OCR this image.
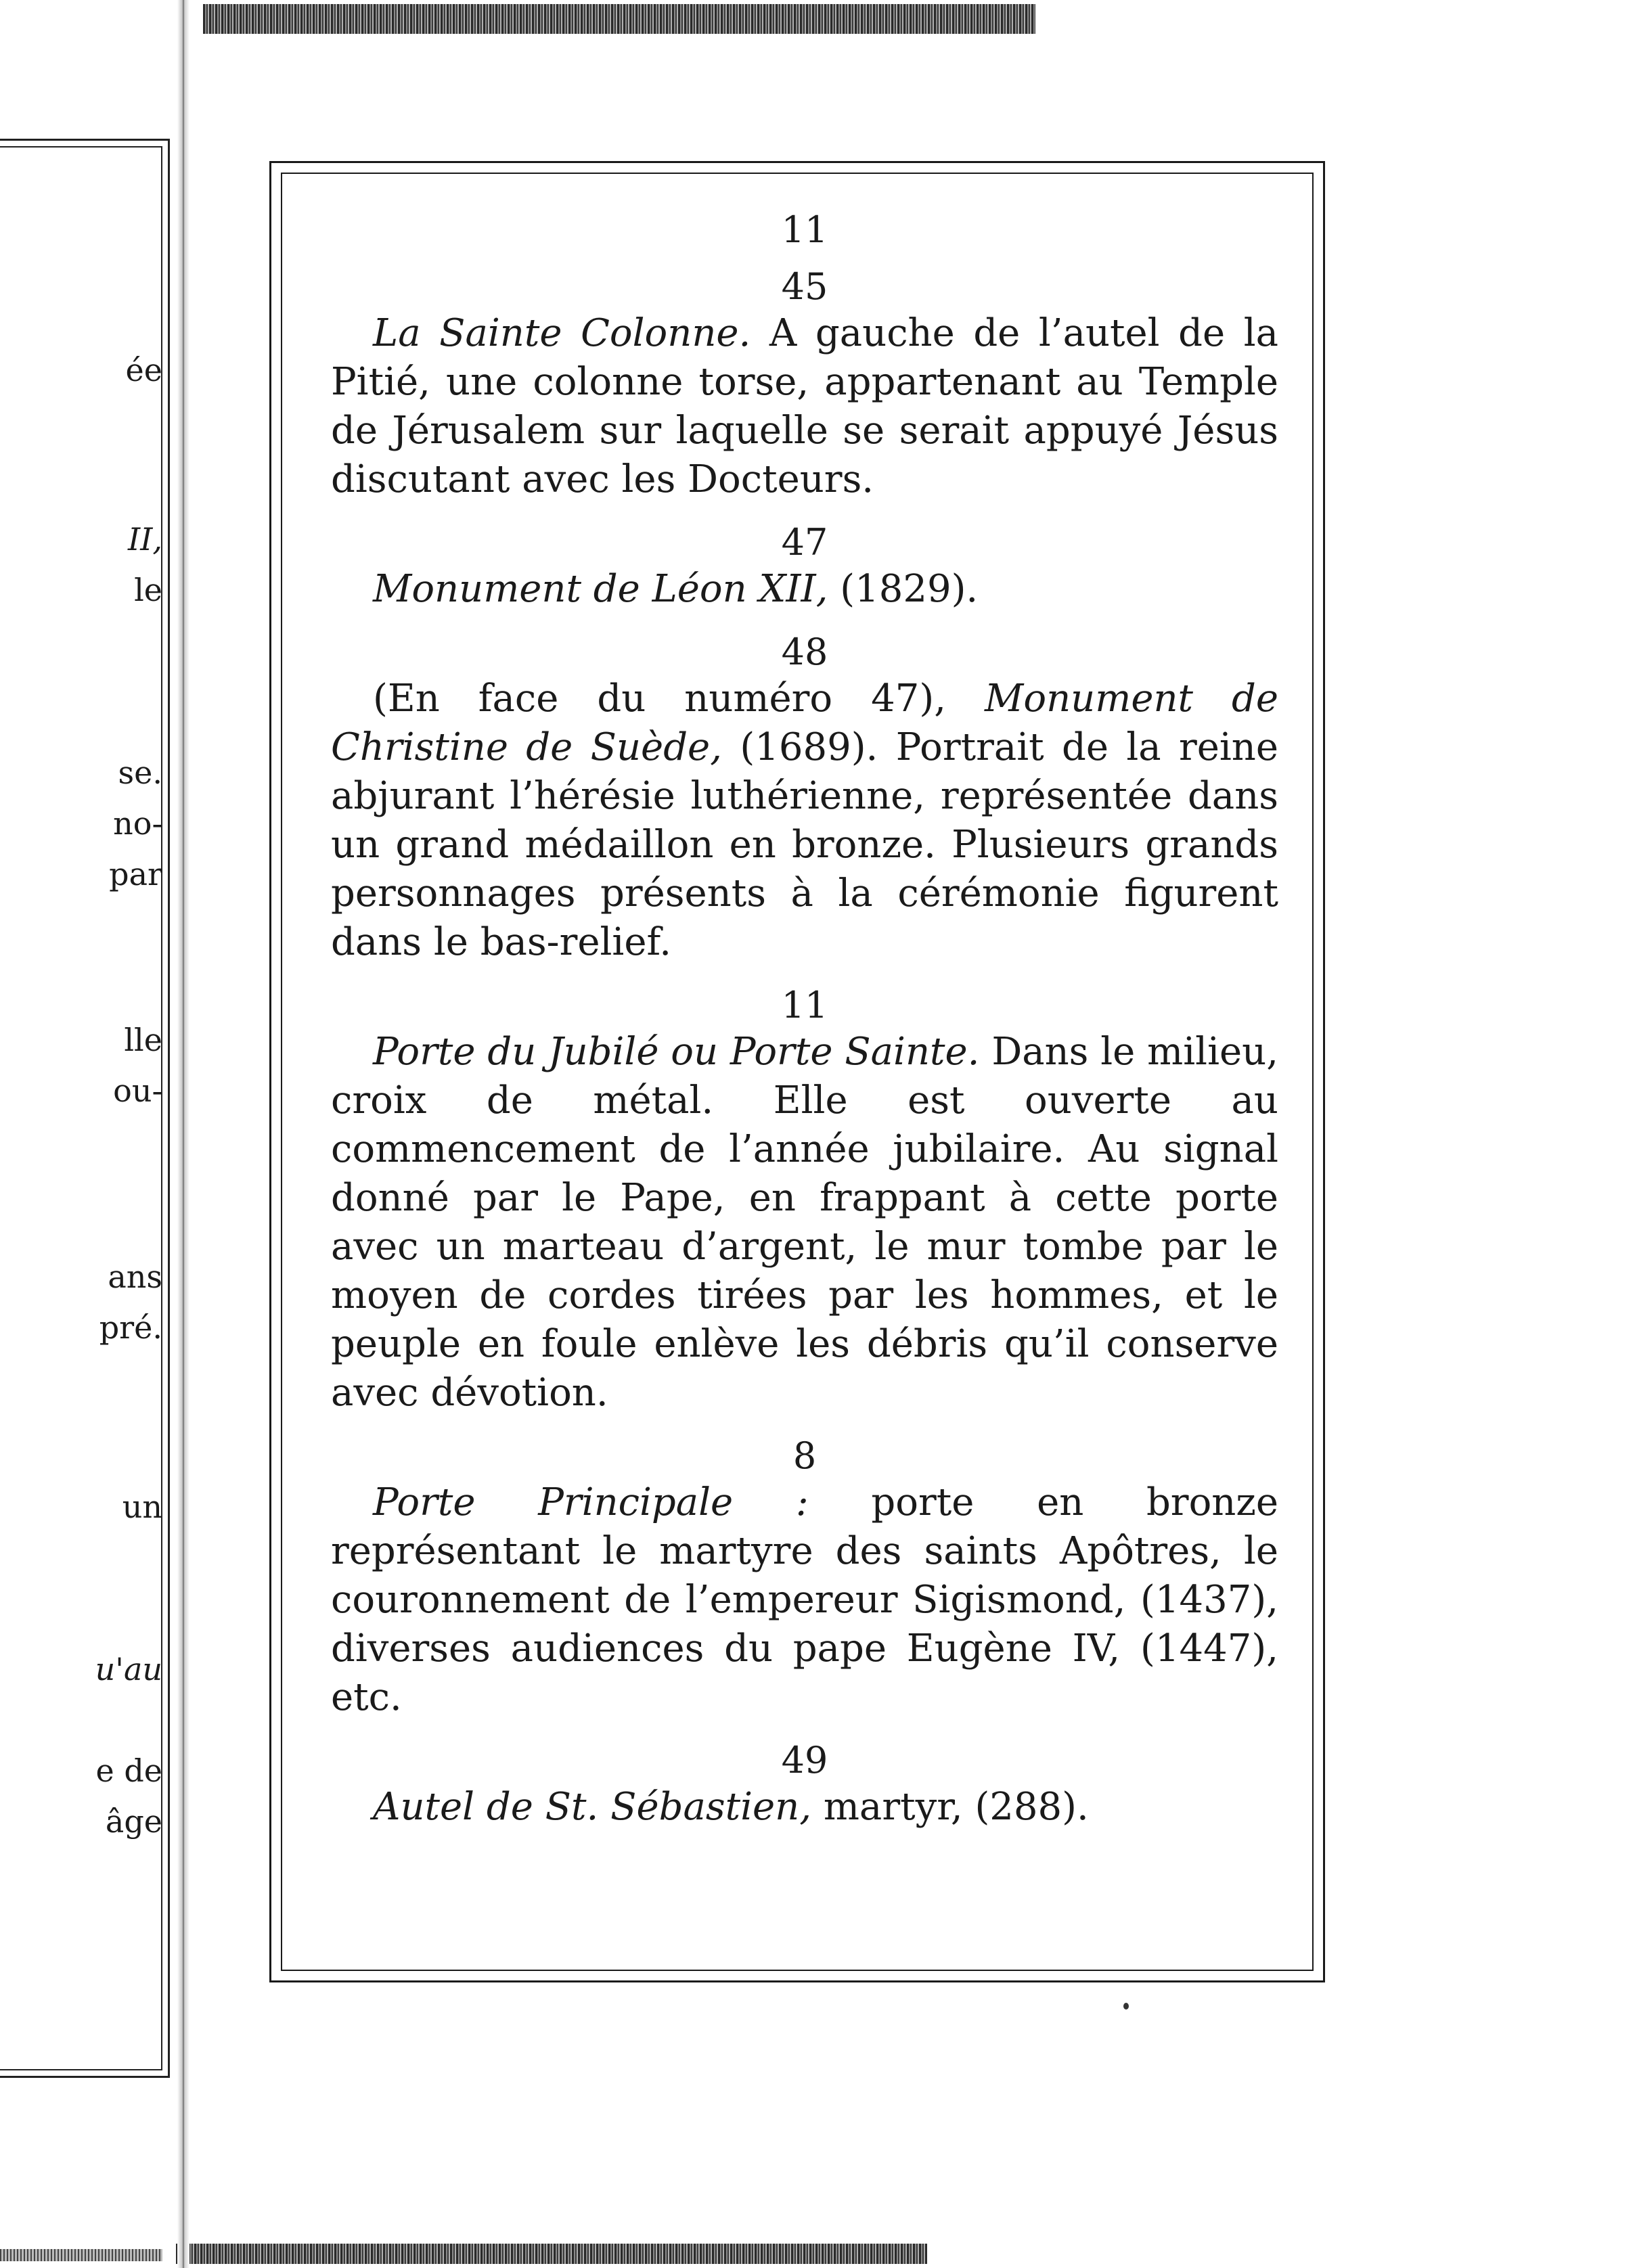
ée
II,
le
se.
no-
par
lle
ou-
ans
pré.
un
u'au
e de
âge

11

45

La Sainte Colonne. A gauche de l’autel de la Pitié, une colonne torse, appartenant au Temple de Jérusalem sur laquelle se serait appuyé Jésus discutant avec les Docteurs.

47

Monument de Léon XII, (1829).

48

(En face du numéro 47), Monument de Christine de Suède, (1689). Portrait de la reine abjurant l’hérésie luthérienne, représentée dans un grand médaillon en bronze. Plusieurs grands personnages présents à la cérémonie figurent dans le bas-relief.

11

Porte du Jubilé ou Porte Sainte. Dans le milieu, croix de métal. Elle est ouverte au commencement de l’année jubilaire. Au signal donné par le Pape, en frappant à cette porte avec un marteau d’argent, le mur tombe par le moyen de cordes tirées par les hommes, et le peuple en foule enlève les débris qu’il conserve avec dévotion.

8

Porte Principale : porte en bronze représentant le martyre des saints Apôtres, le couronnement de l’empereur Sigismond, (1437), diverses audiences du pape Eugène IV, (1447), etc.

49

Autel de St. Sébastien, martyr, (288).
